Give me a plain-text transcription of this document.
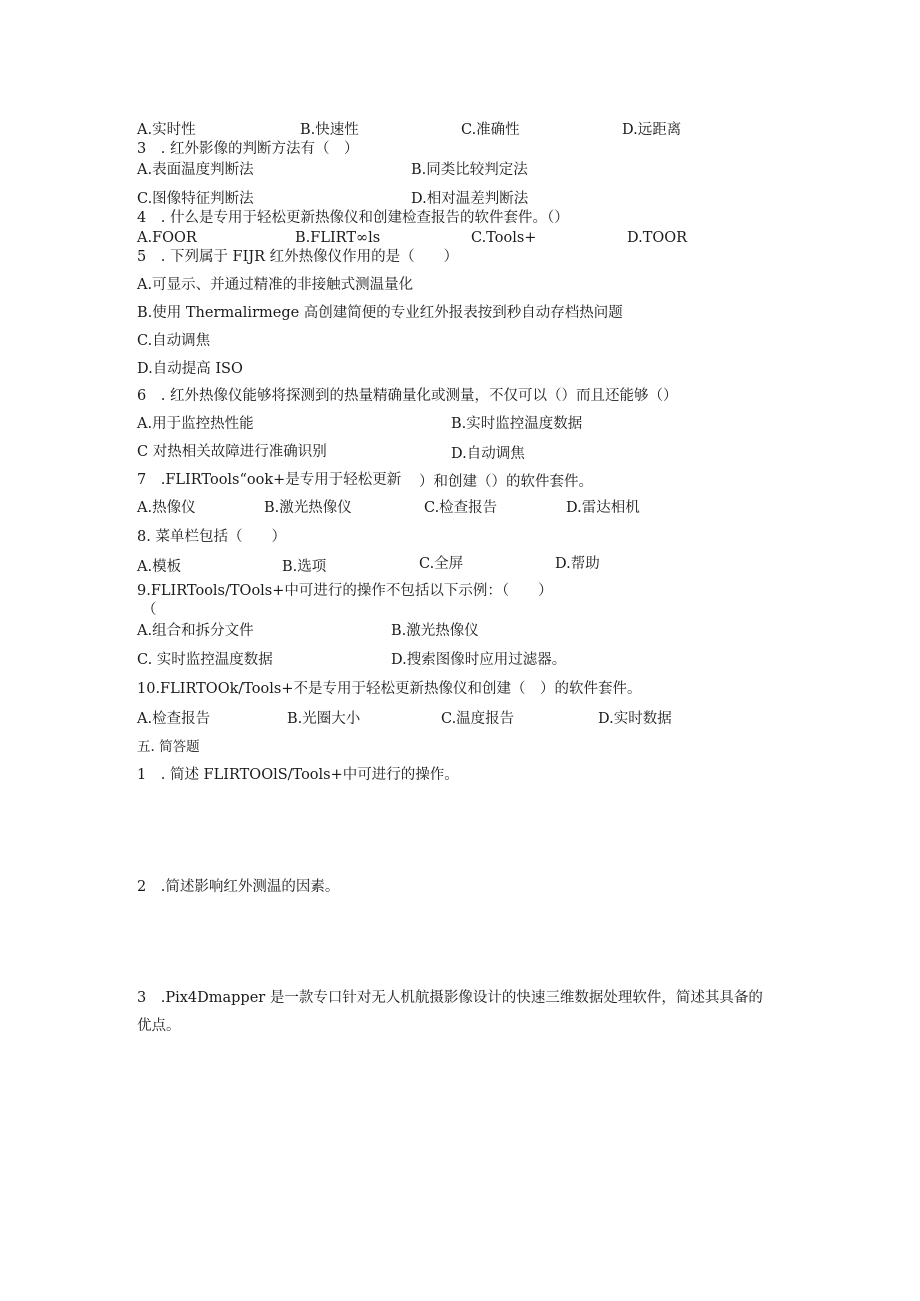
A.实时性	B.快速性	C.准确性	D.远距离
3　. 红外影像的判断方法有（　）
A.表面温度判断法	B.同类比较判定法
C.图像特征判断法	D.相对温差判断法
4　. 什么是专用于轻松更新热像仪和创建检查报告的软件套件。（）
A.FOOR	B.FLIRT∞ls	C.Tools+	D.TOOR
5　. 下列属于 FIJR 红外热像仪作用的是（　　）
A.可显示、并通过精准的非接触式测温量化
B.使用 Thermalirmege 高创建简便的专业红外报表按到秒自动存档热问题
C.自动调焦
D.自动提高 ISO
6　. 红外热像仪能够将探测到的热量精确量化或测量，不仅可以（）而且还能够（）
A.用于监控热性能	B.实时监控温度数据
C 对热相关故障进行准确识别	D.自动调焦
7　.FLIRTools“ook+是专用于轻松更新 ）和创建（）的软件套件。
A.热像仪	B.激光热像仪	C.检查报告	D.雷达相机
8. 菜单栏包括（　　）
A.模板	B.选项	C.全屏	D.帮助
9.FLIRTools/TOols+中可进行的操作不包括以下示例：（　　）
（
A.组合和拆分文件	B.激光热像仪
C. 实时监控温度数据	D.搜索图像时应用过滤器。
10.FLIRTOOk/Tools+不是专用于轻松更新热像仪和创建（　）的软件套件。
A.检查报告	B.光圈大小	C.温度报告	D.实时数据
五. 简答题
1　. 简述 FLIRTOOlS/Tools+中可进行的操作。
2　.简述影响红外测温的因素。
3　.Pix4Dmapper 是一款专口针对无人机航摄影像设计的快速三维数据处理软件，简述其具备的
优点。
